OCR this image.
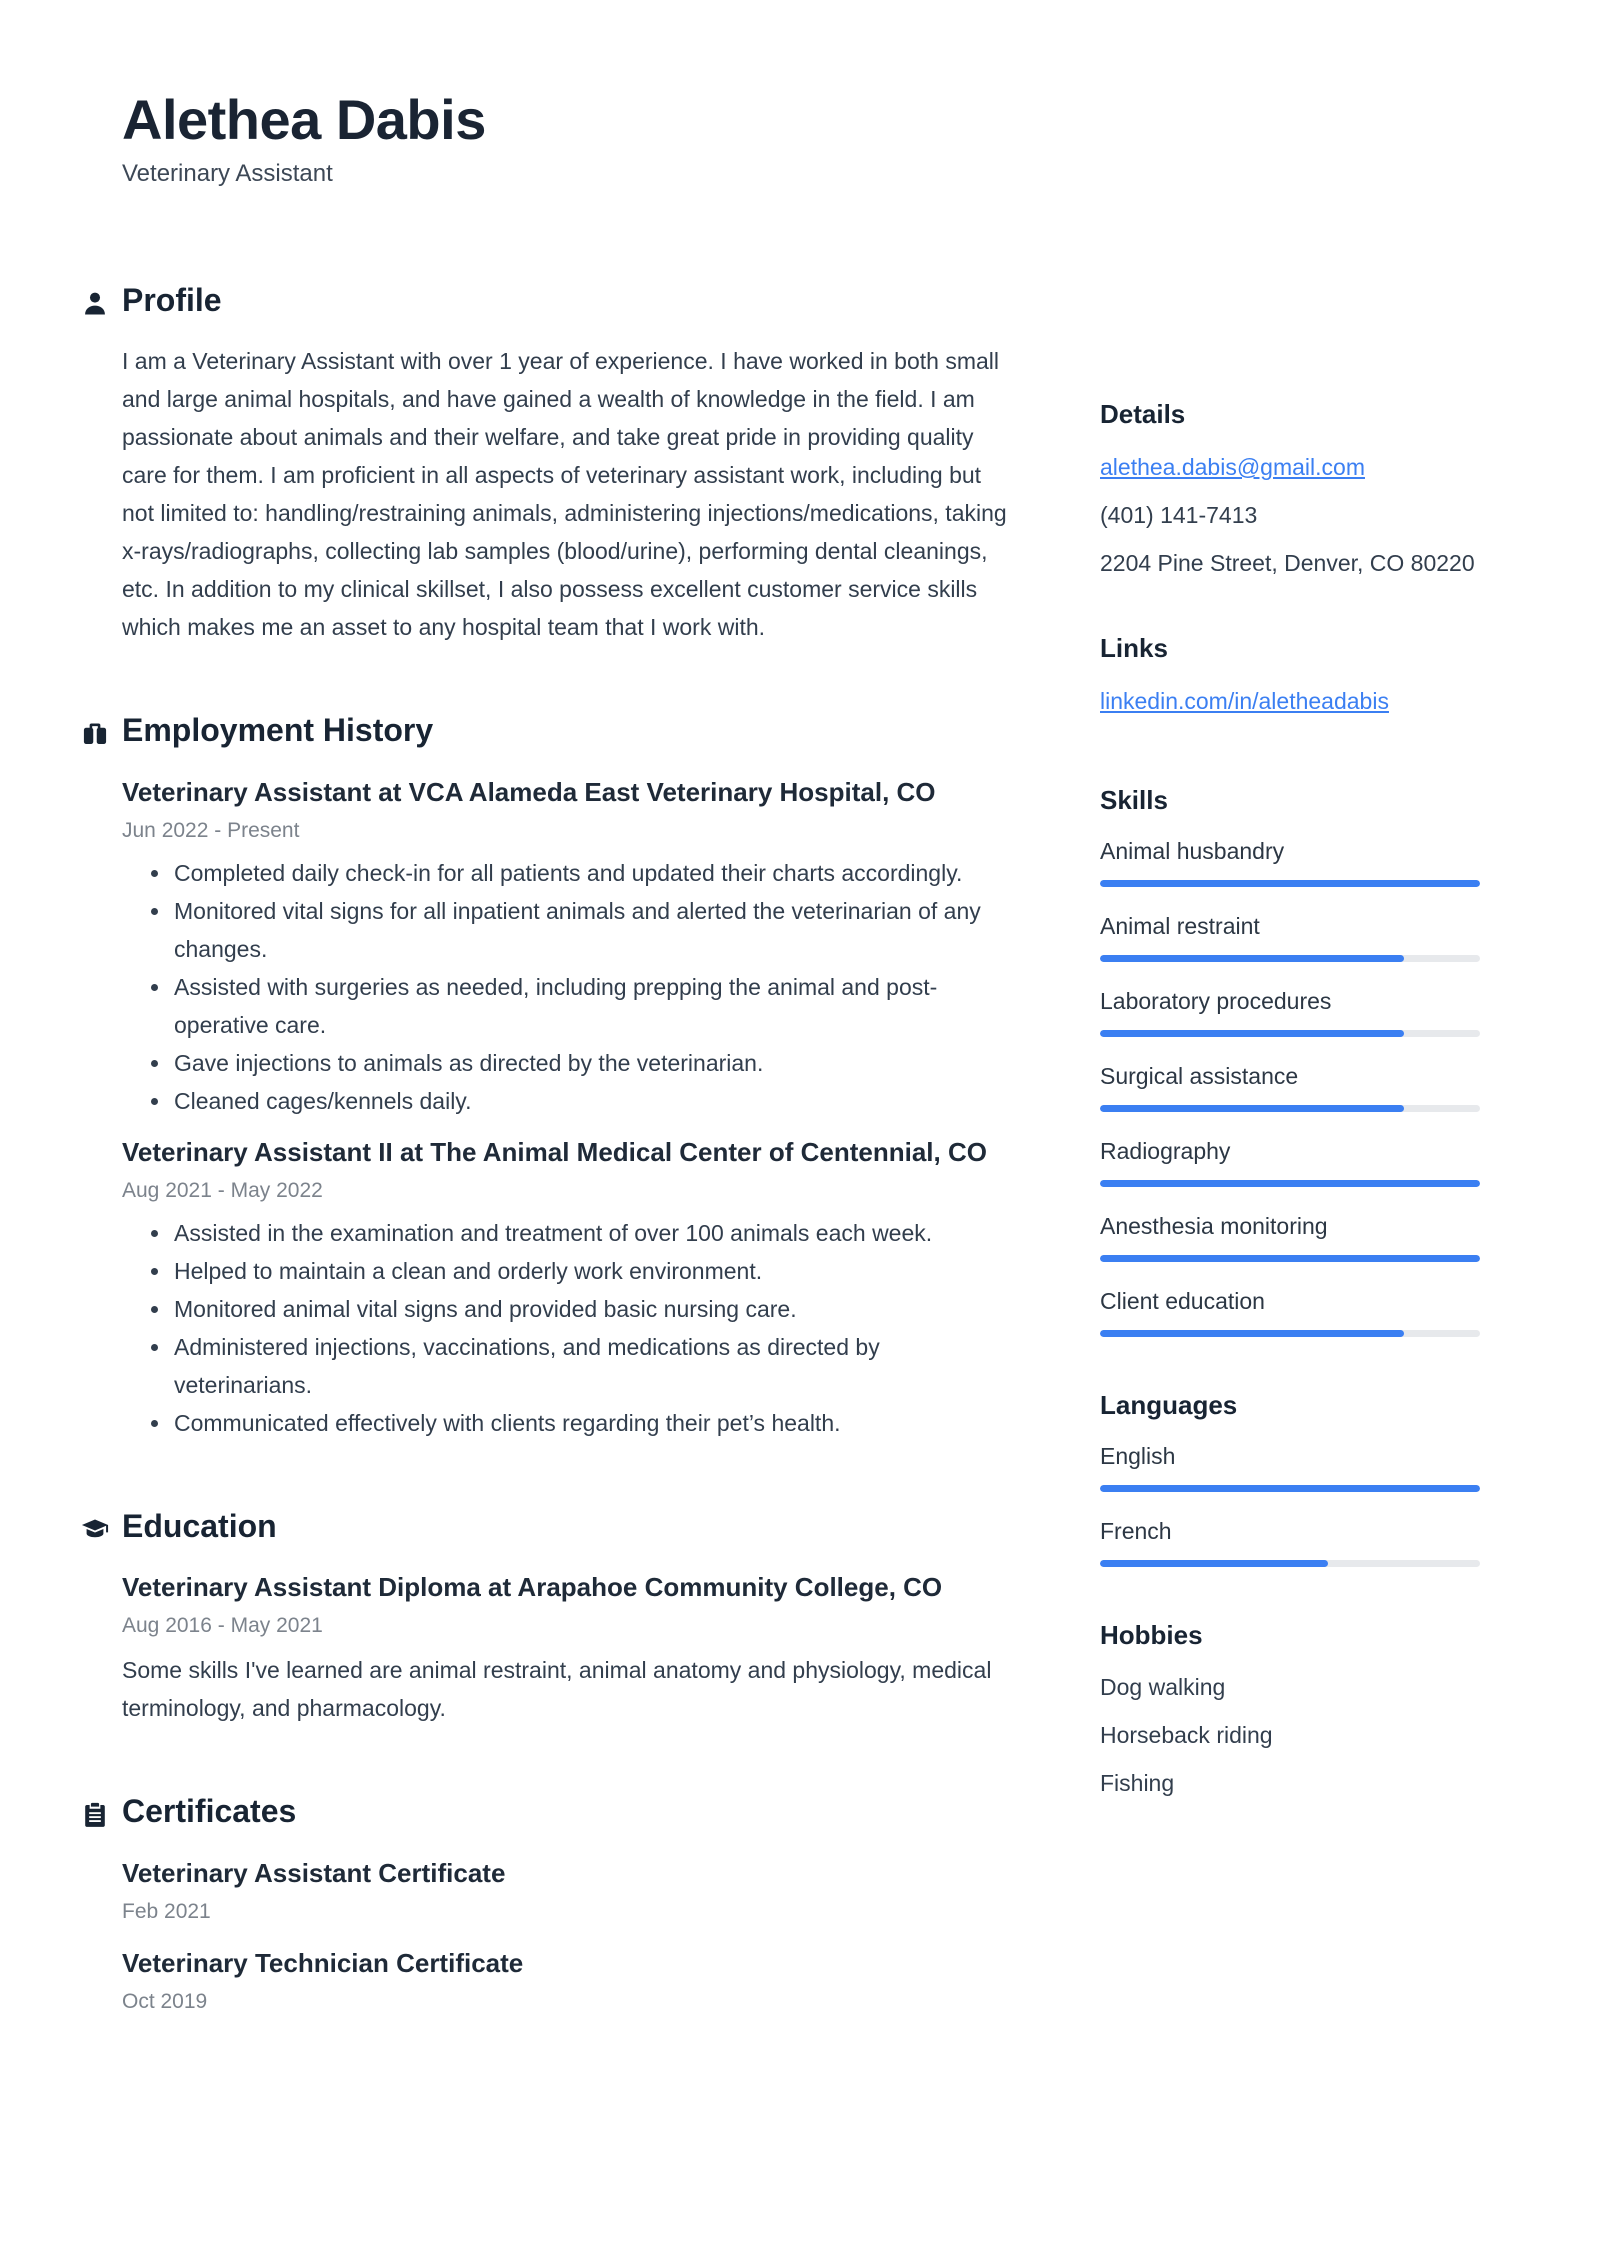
Alethea Dabis
Veterinary Assistant
Profile

I am a Veterinary Assistant with over 1 year of experience. I have worked in both small and large animal hospitals, and have gained a wealth of knowledge in the field. I am passionate about animals and their welfare, and take great pride in providing quality care for them. I am proficient in all aspects of veterinary assistant work, including but not limited to: handling/restraining animals, administering injections/medications, taking x-rays/radiographs, collecting lab samples (blood/urine), performing dental cleanings, etc. In addition to my clinical skillset, I also possess excellent customer service skills which makes me an asset to any hospital team that I work with.

Employment History
Veterinary Assistant at VCA Alameda East Veterinary Hospital, CO
Jun 2022 - Present
• Completed daily check-in for all patients and updated their charts accordingly.
• Monitored vital signs for all inpatient animals and alerted the veterinarian of any changes.
• Assisted with surgeries as needed, including prepping the animal and post-operative care.
• Gave injections to animals as directed by the veterinarian.
• Cleaned cages/kennels daily.
Veterinary Assistant II at The Animal Medical Center of Centennial, CO
Aug 2021 - May 2022
• Assisted in the examination and treatment of over 100 animals each week.
• Helped to maintain a clean and orderly work environment.
• Monitored animal vital signs and provided basic nursing care.
• Administered injections, vaccinations, and medications as directed by veterinarians.
• Communicated effectively with clients regarding their pet’s health.
Education
Veterinary Assistant Diploma at Arapahoe Community College, CO
Aug 2016 - May 2021

Some skills I've learned are animal restraint, animal anatomy and physiology, medical terminology, and pharmacology.

Certificates
Veterinary Assistant Certificate
Feb 2021
Veterinary Technician Certificate
Oct 2019
Details
alethea.dabis@gmail.com
(401) 141-7413
2204 Pine Street, Denver, CO 80220
Links
linkedin.com/in/aletheadabis
Skills
Animal husbandry
Animal restraint
Laboratory procedures
Surgical assistance
Radiography
Anesthesia monitoring
Client education
Languages
English
French
Hobbies
Dog walking
Horseback riding
Fishing
